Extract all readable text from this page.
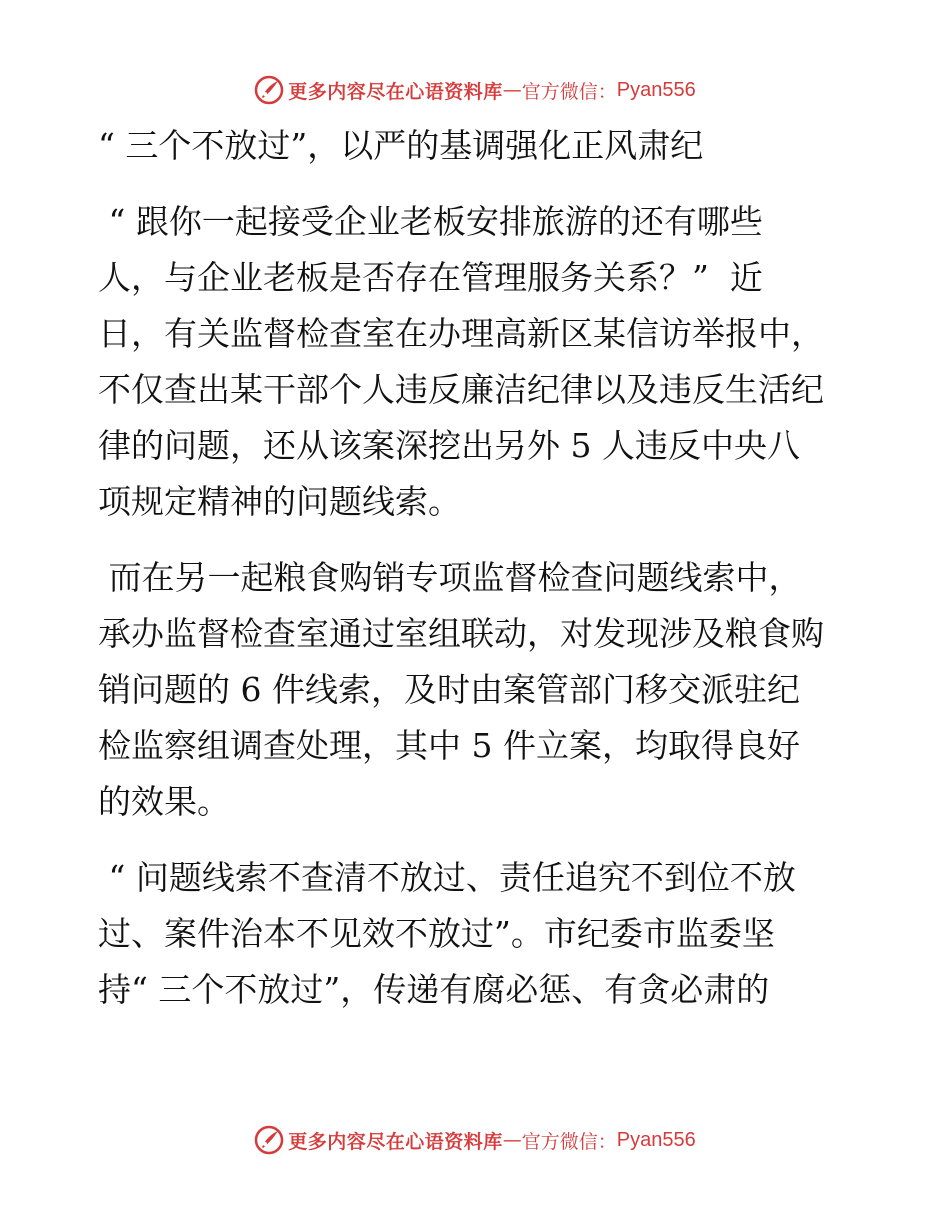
更多内容尽在心语资料库 — 官方微信： Pyan556
“ 三个不放过”，以严的基调强化正风肃纪
“ 跟你一起接受企业老板安排旅游的还有哪些
人，与企业老板是否存在管理服务关系？”  近
日，有关监督检查室在办理高新区某信访举报中，
不仅查出某干部个人违反廉洁纪律以及违反生活纪
律的问题，还从该案深挖出另外 5 人违反中央八
项规定精神的问题线索。
而在另一起粮食购销专项监督检查问题线索中，
承办监督检查室通过室组联动，对发现涉及粮食购
销问题的 6 件线索，及时由案管部门移交派驻纪
检监察组调查处理，其中 5 件立案，均取得良好
的效果。
“ 问题线索不查清不放过、责任追究不到位不放
过、案件治本不见效不放过”。市纪委市监委坚
持“ 三个不放过”，传递有腐必惩、有贪必肃的
更多内容尽在心语资料库 — 官方微信： Pyan556
